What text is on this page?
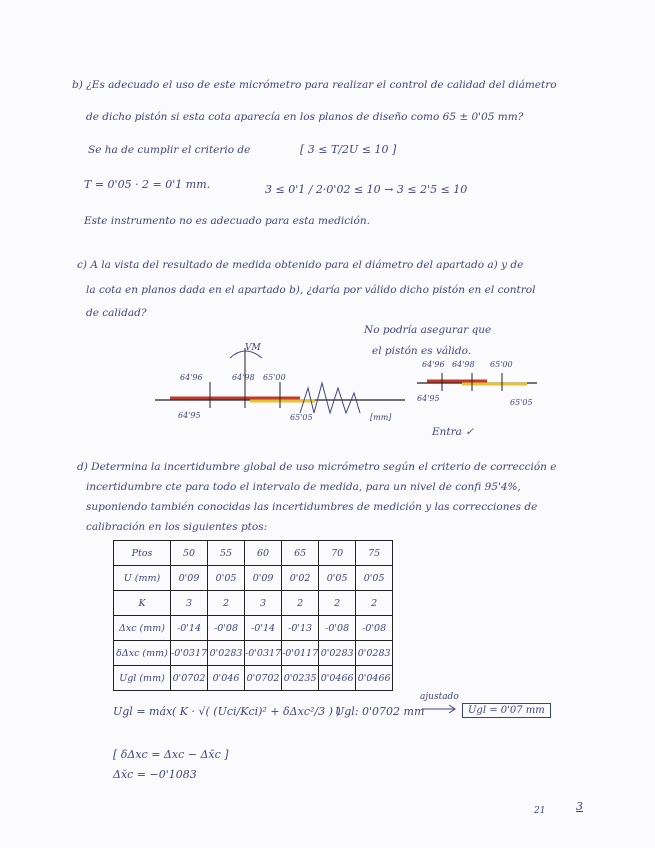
b) ¿Es adecuado el uso de este micrómetro para realizar el control de calidad del diámetro
de dicho pistón si esta cota aparecía en los planos de diseño como 65 ± 0'05 mm?
Se ha de cumplir el criterio de	[ 3 ≤ T/2U ≤ 10 ]
T = 0'05 · 2 = 0'1 mm.	3 ≤ 0'1 / 2·0'02 ≤ 10 → 3 ≤ 2'5 ≤ 10
Este instrumento no es adecuado para esta medición.
c) A la vista del resultado de medida obtenido para el diámetro del apartado a) y de
la cota en planos dada en el apartado b), ¿daría por válido dicho pistón en el control
de calidad?
No podría asegurar que
el pistón es válido.
VM
64'96	64'98 65'00
64'95	65'05	[mm]
64'96 64'98 65'00
64'95	65'05
Entra ✓
d) Determina la incertidumbre global de uso micrómetro según el criterio de corrección e
incertidumbre cte para todo el intervalo de medida, para un nivel de confi 95'4%,
suponiendo también conocidas las incertidumbres de medición y las correcciones de
calibración en los siguientes ptos:
Ptos	50	55	60	65	70	75
U (mm)	0'09	0'05	0'09	0'02	0'05	0'05
K	3	2	3	2	2	2
Δxc (mm)	-0'14	-0'08	-0'14	-0'13	-0'08	-0'08
δΔxc (mm)	-0'0317	0'0283	-0'0317	-0'0117	0'0283	0'0283
Ugl (mm)	0'0702	0'046	0'0702	0'0235	0'0466	0'0466
Ugl = máx ( K · √( (Uci/Kci)² + δΔxc²/3 ) )
Ugl: 0'0702 mm
ajustado
Ugl = 0'07 mm
[ δΔxc = Δxc − Δx̄c ]
Δx̄c = −0'1083
21	3
